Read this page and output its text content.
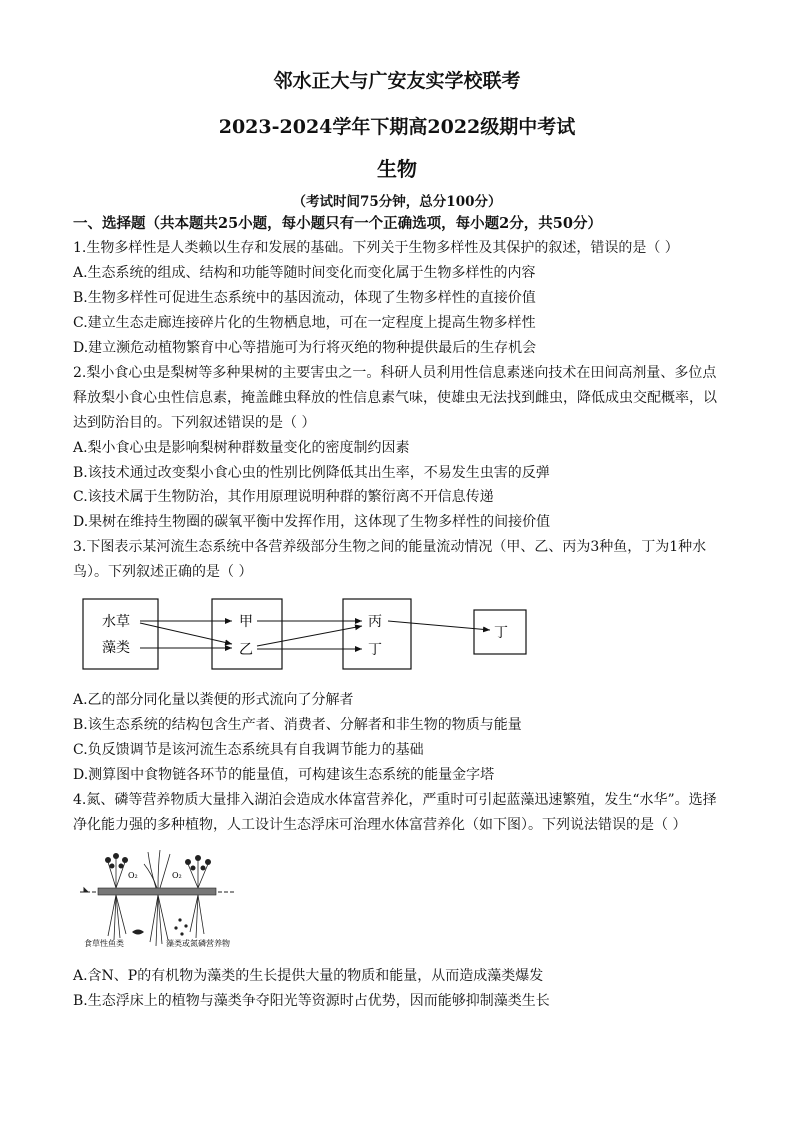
邻水正大与广安友实学校联考
2023-2024学年下期高2022级期中考试
生物
（考试时间75分钟，总分100分）
一、选择题（共本题共25小题，每小题只有一个正确选项，每小题2分，共50分）
1.生物多样性是人类赖以生存和发展的基础。下列关于生物多样性及其保护的叙述，错误的是（ ）
A.生态系统的组成、结构和功能等随时间变化而变化属于生物多样性的内容
B.生物多样性可促进生态系统中的基因流动，体现了生物多样性的直接价值
C.建立生态走廊连接碎片化的生物栖息地，可在一定程度上提高生物多样性
D.建立濒危动植物繁育中心等措施可为行将灭绝的物种提供最后的生存机会
2.梨小食心虫是梨树等多种果树的主要害虫之一。科研人员利用性信息素迷向技术在田间高剂量、多位点
释放梨小食心虫性信息素，掩盖雌虫释放的性信息素气味，使雄虫无法找到雌虫，降低成虫交配概率，以
达到防治目的。下列叙述错误的是（ ）
A.梨小食心虫是影响梨树种群数量变化的密度制约因素
B.该技术通过改变梨小食心虫的性别比例降低其出生率，不易发生虫害的反弹
C.该技术属于生物防治，其作用原理说明种群的繁衍离不开信息传递
D.果树在维持生物圈的碳氧平衡中发挥作用，这体现了生物多样性的间接价值
3.下图表示某河流生态系统中各营养级部分生物之间的能量流动情况（甲、乙、丙为3种鱼，丁为1种水
鸟）。下列叙述正确的是（ ）
水草
藻类
甲
乙
丙
丁
丁
A.乙的部分同化量以粪便的形式流向了分解者
B.该生态系统的结构包含生产者、消费者、分解者和非生物的物质与能量
C.负反馈调节是该河流生态系统具有自我调节能力的基础
D.测算图中食物链各环节的能量值，可构建该生态系统的能量金字塔
4.氮、磷等营养物质大量排入湖泊会造成水体富营养化，严重时可引起蓝藻迅速繁殖，发生“水华”。选择
净化能力强的多种植物，人工设计生态浮床可治理水体富营养化（如下图）。下列说法错误的是（ ）
O₂	O₂
食草性鱼类	藻类或氮磷营养物
A.含N、P的有机物为藻类的生长提供大量的物质和能量，从而造成藻类爆发
B.生态浮床上的植物与藻类争夺阳光等资源时占优势，因而能够抑制藻类生长
